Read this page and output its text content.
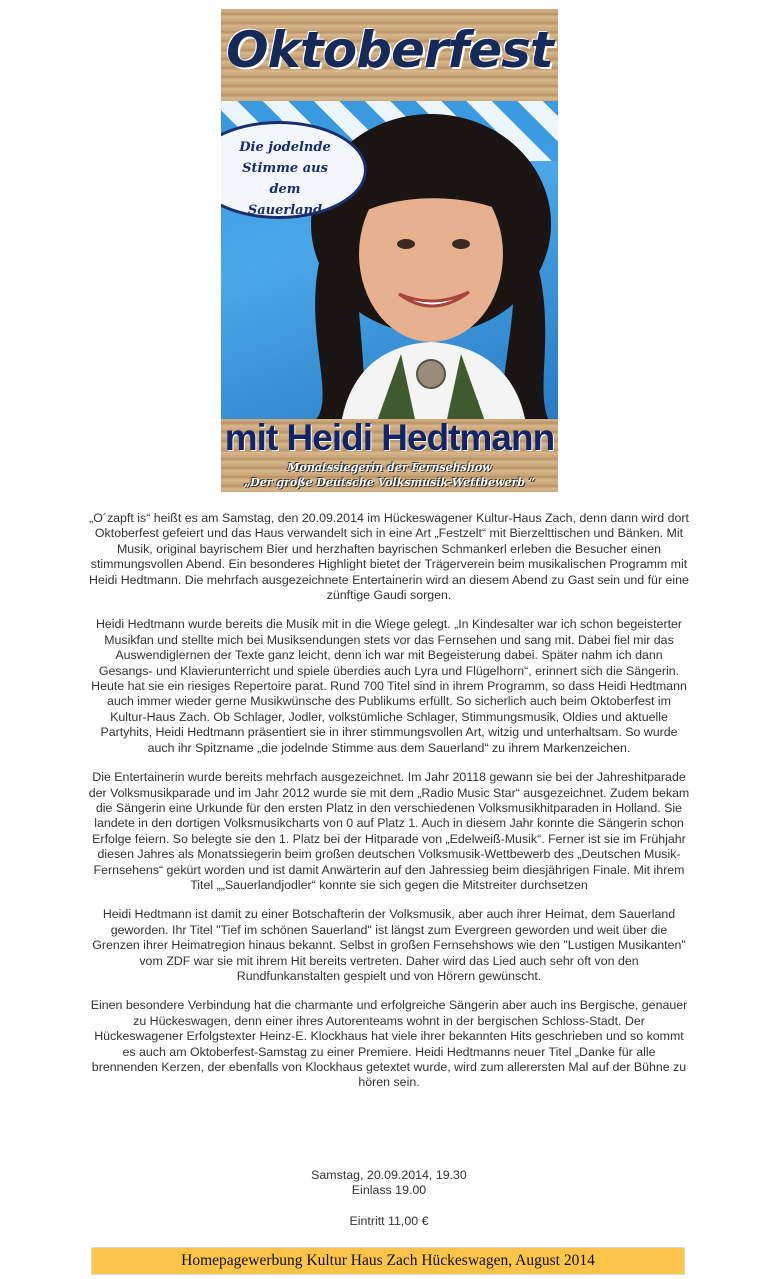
Oktoberfest
Die jodelnde
Stimme aus dem
Sauerland
mit Heidi Hedtmann
Monatssiegerin der Fernsehshow
„Der große Deutsche Volksmusik-Wettbewerb “

„O´zapft is“ heißt es am Samstag, den 20.09.2014 im Hückeswagener Kultur-Haus Zach, denn dann wird dort Oktoberfest gefeiert und das Haus verwandelt sich in eine Art „Festzelt“ mit Bierzelttischen und Bänken. Mit Musik, original bayrischem Bier und herzhaften bayrischen Schmankerl erleben die Besucher einen stimmungsvollen Abend. Ein besonderes Highlight bietet der Trägerverein beim musikalischen Programm mit Heidi Hedtmann. Die mehrfach ausgezeichnete Entertainerin wird an diesem Abend zu Gast sein und für eine zünftige Gaudi sorgen.

Heidi Hedtmann wurde bereits die Musik mit in die Wiege gelegt. „In Kindesalter war ich schon begeisterter Musikfan und stellte mich bei Musiksendungen stets vor das Fernsehen und sang mit. Dabei fiel mir das Auswendiglernen der Texte ganz leicht, denn ich war mit Begeisterung dabei. Später nahm ich dann Gesangs- und Klavierunterricht und spiele überdies auch Lyra und Flügelhorn“, erinnert sich die Sängerin. Heute hat sie ein riesiges Repertoire parat. Rund 700 Titel sind in ihrem Programm, so dass Heidi Hedtmann auch immer wieder gerne Musikwünsche des Publikums erfüllt. So sicherlich auch beim Oktoberfest im Kultur-Haus Zach. Ob Schlager, Jodler, volkstümliche Schlager, Stimmungsmusik, Oldies und aktuelle Partyhits, Heidi Hedtmann präsentiert sie in ihrer stimmungsvollen Art, witzig und unterhaltsam. So wurde auch ihr Spitzname „die jodelnde Stimme aus dem Sauerland“ zu ihrem Markenzeichen.

Die Entertainerin wurde bereits mehrfach ausgezeichnet. Im Jahr 20118 gewann sie bei der Jahreshitparade der Volksmusikparade und im Jahr 2012 wurde sie mit dem „Radio Music Star“ ausgezeichnet. Zudem bekam die Sängerin eine Urkunde für den ersten Platz in den verschiedenen Volksmusikhitparaden in Holland. Sie landete in den dortigen Volksmusikcharts von 0 auf Platz 1. Auch in diesem Jahr konnte die Sängerin schon Erfolge feiern. So belegte sie den 1. Platz bei der Hitparade von „Edelweiß-Musik“. Ferner ist sie im Frühjahr diesen Jahres als Monatssiegerin beim großen deutschen Volksmusik-Wettbewerb des „Deutschen Musik-Fernsehens“ gekürt worden und ist damit Anwärterin auf den Jahressieg beim diesjährigen Finale. Mit ihrem Titel „„Sauerlandjodler“ konnte sie sich gegen die Mitstreiter durchsetzen

Heidi Hedtmann ist damit zu einer Botschafterin der Volksmusik, aber auch ihrer Heimat, dem Sauerland geworden. Ihr Titel "Tief im schönen Sauerland" ist längst zum Evergreen geworden und weit über die Grenzen ihrer Heimatregion hinaus bekannt. Selbst in großen Fernsehshows wie den "Lustigen Musikanten" vom ZDF war sie mit ihrem Hit bereits vertreten. Daher wird das Lied auch sehr oft von den Rundfunkanstalten gespielt und von Hörern gewünscht.

Einen besondere Verbindung hat die charmante und erfolgreiche Sängerin aber auch ins Bergische, genauer zu Hückeswagen, denn einer ihres Autorenteams wohnt in der bergischen Schloss-Stadt. Der Hückeswagener Erfolgstexter Heinz-E. Klockhaus hat viele ihrer bekannten Hits geschrieben und so kommt es auch am Oktoberfest-Samstag zu einer Premiere. Heidi Hedtmanns neuer Titel „Danke für alle brennenden Kerzen, der ebenfalls von Klockhaus getextet wurde, wird zum allerersten Mal auf der Bühne zu hören sein.

Samstag, 20.09.2014, 19.30
Einlass 19.00
Eintritt 11,00 €
Homepagewerbung Kultur Haus Zach Hückeswagen, August 2014
